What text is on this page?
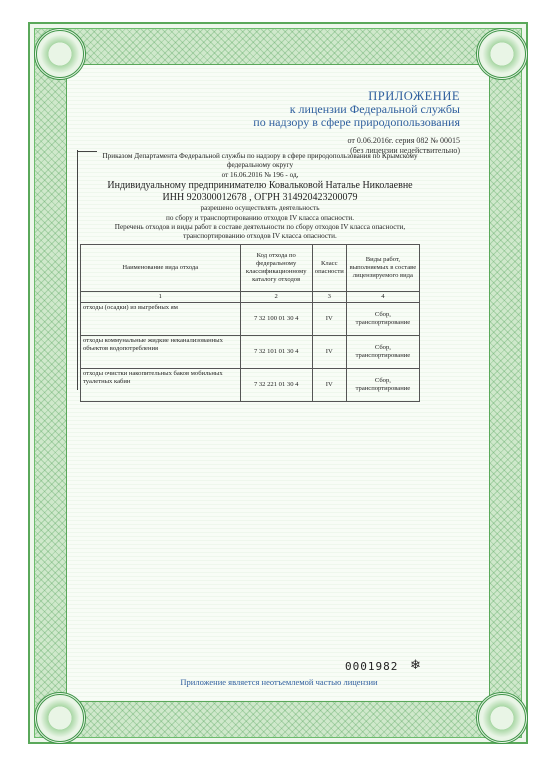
ПРИЛОЖЕНИЕ
к лицензии Федеральной службы
по надзору в сфере природопользования
от 0.06.2016г. серия 082 № 00015
(без лицензии недействительно)
Приказом Департамента Федеральной службы по надзору в сфере природопользования по Крымскому
федеральному округу
от 16.06.2016 № 196 - од,
Индивидуальному предпринимателю Ковальковой Натальe Николаевне
ИНН 920300012678 , ОГРН 314920423200079
разрешено осуществлять деятельность
по сбору и транспортированию отходов IV класса опасности.
Перечень отходов и виды работ в составе деятельности по сбору отходов IV класса опасности,
транспортированию отходов IV класса опасности.
Наименование вида отхода	Код отхода по федеральному классификационному каталогу отходов	Класс опасности	Виды работ, выполняемых в составе лицензируемого вида
1	2	3	4
отходы (осадки) из выгребных ям	7 32 100 01 30 4	IV	Сбор, транспортирование
отходы коммунальные жидкие неканализованных объектов водопотребления	7 32 101 01 30 4	IV	Сбор, транспортирование
отходы очистки накопительных баков мобильных туалетных кабин	7 32 221 01 30 4	IV	Сбор, транспортирование
0001982 ❄
Приложение является неотъемлемой частью лицензии
